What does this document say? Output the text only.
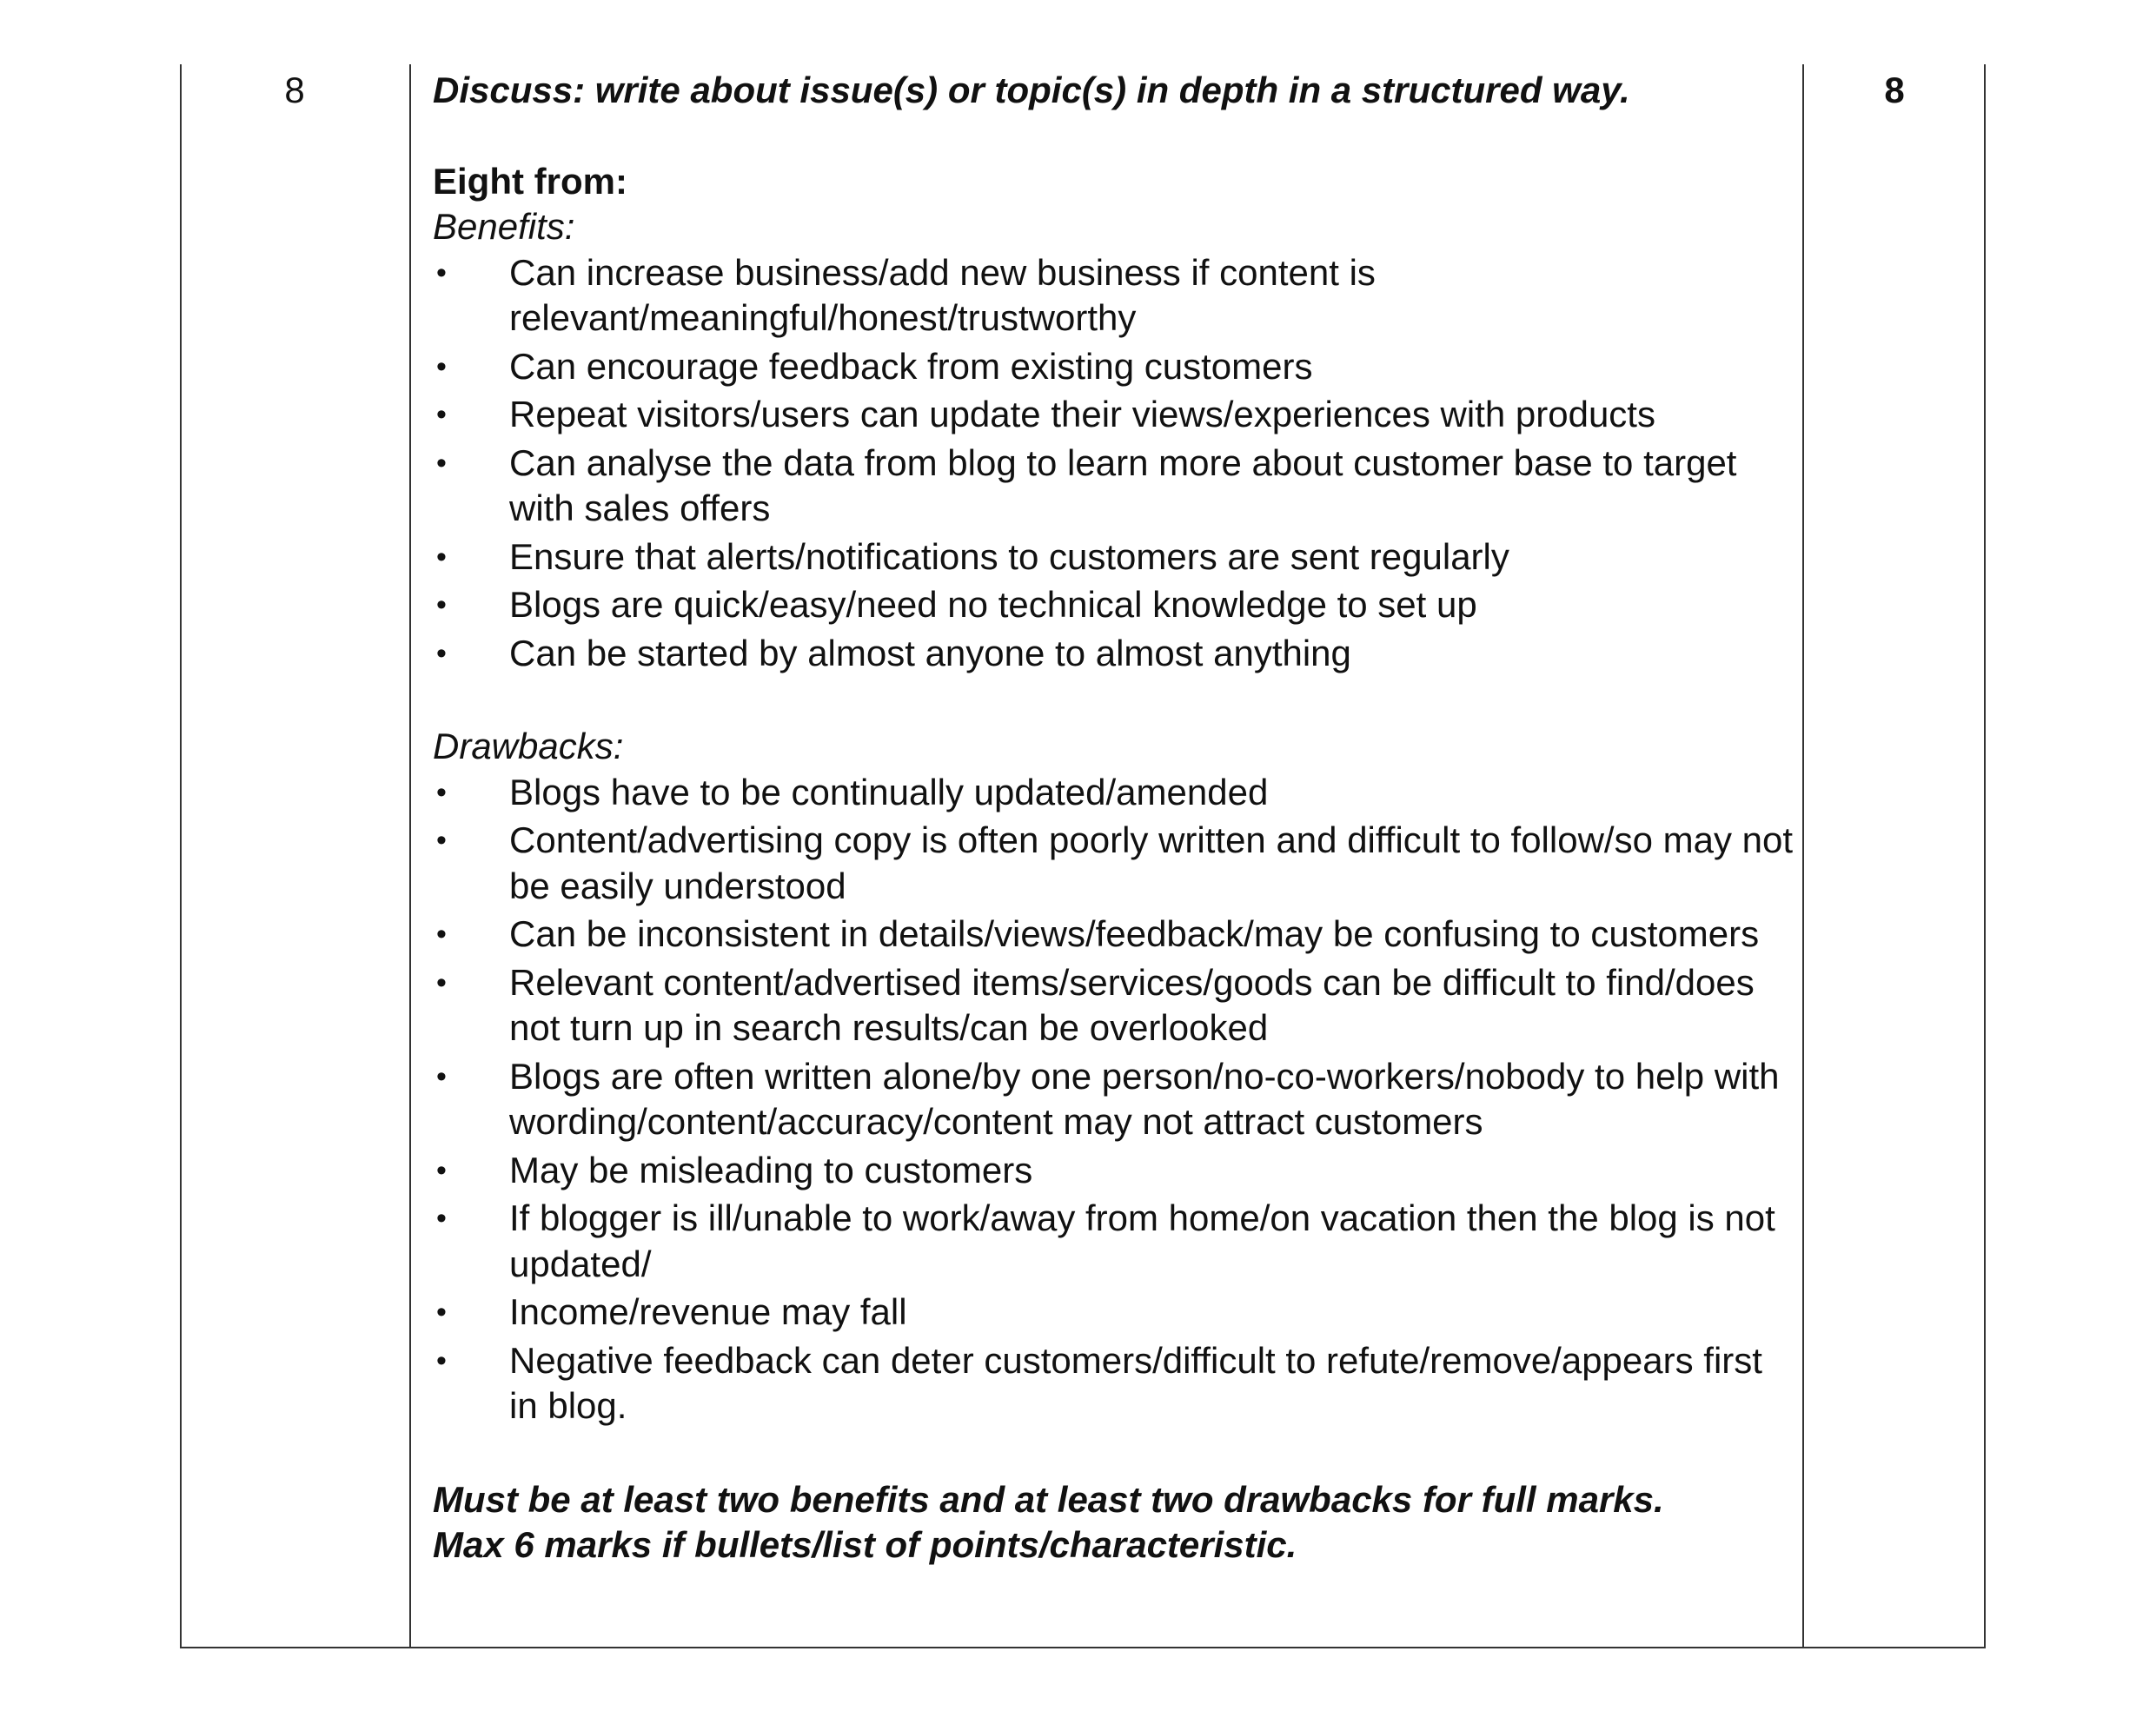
8	8

Discuss: write about issue(s) or topic(s) in depth in a structured way.

Eight from:

Benefits:

• Can increase business/add new business if content is relevant/meaningful/honest/trustworthy
• Can encourage feedback from existing customers
• Repeat visitors/users can update their views/experiences with products
• Can analyse the data from blog to learn more about customer base to target with sales offers
• Ensure that alerts/notifications to customers are sent regularly
• Blogs are quick/easy/need no technical knowledge to set up
• Can be started by almost anyone to almost anything

Drawbacks:

• Blogs have to be continually updated/amended
• Content/advertising copy is often poorly written and difficult to follow/so may not be easily understood
• Can be inconsistent in details/views/feedback/may be confusing to customers
• Relevant content/advertised items/services/goods can be difficult to find/does not turn up in search results/can be overlooked
• Blogs are often written alone/by one person/no-co-workers/nobody to help with wording/content/accuracy/content may not attract customers
• May be misleading to customers
• If blogger is ill/unable to work/away from home/on vacation then the blog is not updated/
• Income/revenue may fall
• Negative feedback can deter customers/difficult to refute/remove/appears first in blog.

Must be at least two benefits and at least two drawbacks for full marks.

Max 6 marks if bullets/list of points/characteristic.
